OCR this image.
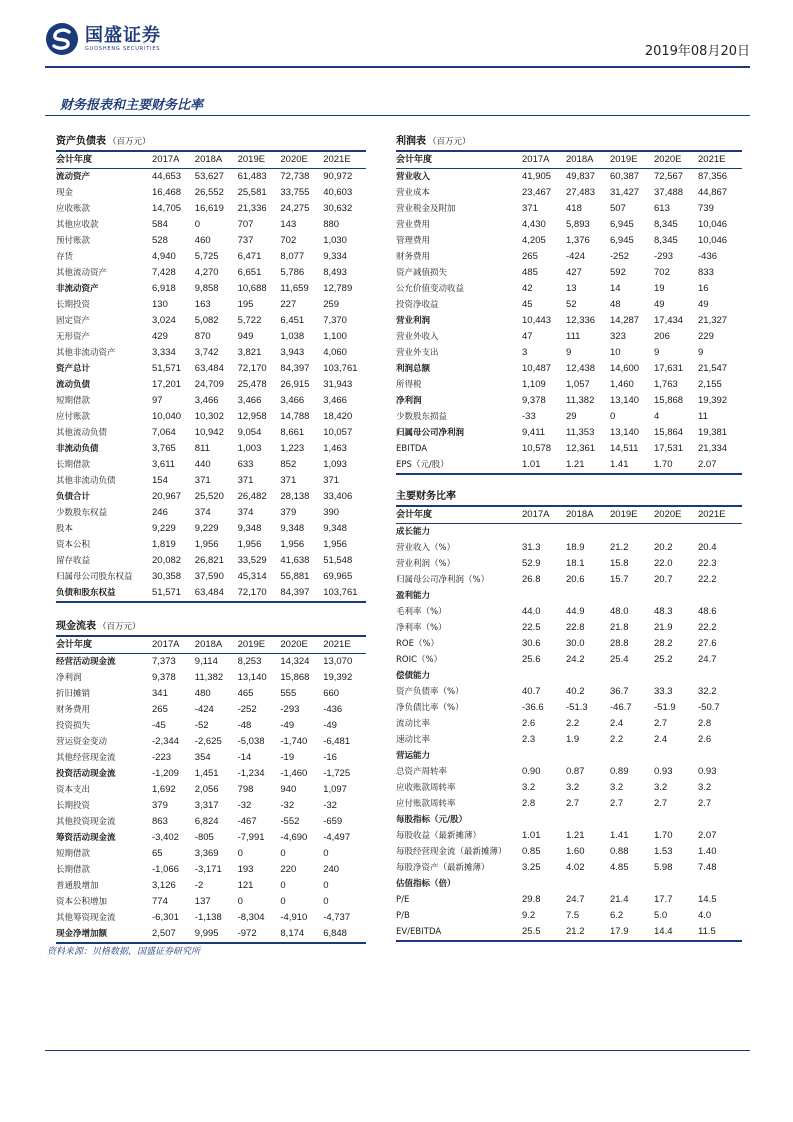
国盛证券
GUOSHENG SECURITIES	2019年08月20日
财务报表和主要财务比率
资产负债表 （百万元）
会计年度	2017A	2018A	2019E	2020E	2021E
流动资产	44,653	53,627	61,483	72,738	90,972
现金	16,468	26,552	25,581	33,755	40,603
应收账款	14,705	16,619	21,336	24,275	30,632
其他应收款	584	0	707	143	880
预付账款	528	460	737	702	1,030
存货	4,940	5,725	6,471	8,077	9,334
其他流动资产	7,428	4,270	6,651	5,786	8,493
非流动资产	6,918	9,858	10,688	11,659	12,789
长期投资	130	163	195	227	259
固定资产	3,024	5,082	5,722	6,451	7,370
无形资产	429	870	949	1,038	1,100
其他非流动资产	3,334	3,742	3,821	3,943	4,060
资产总计	51,571	63,484	72,170	84,397	103,761
流动负债	17,201	24,709	25,478	26,915	31,943
短期借款	97	3,466	3,466	3,466	3,466
应付账款	10,040	10,302	12,958	14,788	18,420
其他流动负债	7,064	10,942	9,054	8,661	10,057
非流动负债	3,765	811	1,003	1,223	1,463
长期借款	3,611	440	633	852	1,093
其他非流动负债	154	371	371	371	371
负债合计	20,967	25,520	26,482	28,138	33,406
少数股东权益	246	374	374	379	390
股本	9,229	9,229	9,348	9,348	9,348
资本公积	1,819	1,956	1,956	1,956	1,956
留存收益	20,082	26,821	33,529	41,638	51,548
归属母公司股东权益	30,358	37,590	45,314	55,881	69,965
负债和股东权益	51,571	63,484	72,170	84,397	103,761
现金流表 （百万元）
会计年度	2017A	2018A	2019E	2020E	2021E
经营活动现金流	7,373	9,114	8,253	14,324	13,070
净利润	9,378	11,382	13,140	15,868	19,392
折旧摊销	341	480	465	555	660
财务费用	265	-424	-252	-293	-436
投资损失	-45	-52	-48	-49	-49
营运资金变动	-2,344	-2,625	-5,038	-1,740	-6,481
其他经营现金流	-223	354	-14	-19	-16
投资活动现金流	-1,209	1,451	-1,234	-1,460	-1,725
资本支出	1,692	2,056	798	940	1,097
长期投资	379	3,317	-32	-32	-32
其他投资现金流	863	6,824	-467	-552	-659
筹资活动现金流	-3,402	-805	-7,991	-4,690	-4,497
短期借款	65	3,369	0	0	0
长期借款	-1,066	-3,171	193	220	240
普通股增加	3,126	-2	121	0	0
资本公积增加	774	137	0	0	0
其他筹资现金流	-6,301	-1,138	-8,304	-4,910	-4,737
现金净增加额	2,507	9,995	-972	8,174	6,848
利润表 （百万元）
会计年度	2017A	2018A	2019E	2020E	2021E
营业收入	41,905	49,837	60,387	72,567	87,356
营业成本	23,467	27,483	31,427	37,488	44,867
营业税金及附加	371	418	507	613	739
营业费用	4,430	5,893	6,945	8,345	10,046
管理费用	4,205	1,376	6,945	8,345	10,046
财务费用	265	-424	-252	-293	-436
资产减值损失	485	427	592	702	833
公允价值变动收益	42	13	14	19	16
投资净收益	45	52	48	49	49
营业利润	10,443	12,336	14,287	17,434	21,327
营业外收入	47	111	323	206	229
营业外支出	3	9	10	9	9
利润总额	10,487	12,438	14,600	17,631	21,547
所得税	1,109	1,057	1,460	1,763	2,155
净利润	9,378	11,382	13,140	15,868	19,392
少数股东损益	-33	29	0	4	11
归属母公司净利润	9,411	11,353	13,140	15,864	19,381
EBITDA	10,578	12,361	14,511	17,531	21,334
EPS（元/股）	1.01	1.21	1.41	1.70	2.07
主要财务比率
会计年度	2017A	2018A	2019E	2020E	2021E
成长能力					
营业收入（%）	31.3	18.9	21.2	20.2	20.4
营业利润（%）	52.9	18.1	15.8	22.0	22.3
归属母公司净利润（%）	26.8	20.6	15.7	20.7	22.2
盈利能力					
毛利率（%）	44.0	44.9	48.0	48.3	48.6
净利率（%）	22.5	22.8	21.8	21.9	22.2
ROE（%）	30.6	30.0	28.8	28.2	27.6
ROIC（%）	25.6	24.2	25.4	25.2	24.7
偿债能力					
资产负债率（%）	40.7	40.2	36.7	33.3	32.2
净负债比率（%）	-36.6	-51.3	-46.7	-51.9	-50.7
流动比率	2.6	2.2	2.4	2.7	2.8
速动比率	2.3	1.9	2.2	2.4	2.6
营运能力					
总资产周转率	0.90	0.87	0.89	0.93	0.93
应收账款周转率	3.2	3.2	3.2	3.2	3.2
应付账款周转率	2.8	2.7	2.7	2.7	2.7
每股指标（元/股）					
每股收益（最新摊薄）	1.01	1.21	1.41	1.70	2.07
每股经营现金流（最新摊薄）	0.85	1.60	0.88	1.53	1.40
每股净资产（最新摊薄）	3.25	4.02	4.85	5.98	7.48
估值指标（倍）					
P/E	29.8	24.7	21.4	17.7	14.5
P/B	9.2	7.5	6.2	5.0	4.0
EV/EBITDA	25.5	21.2	17.9	14.4	11.5
资料来源：贝格数据，国盛证券研究所
